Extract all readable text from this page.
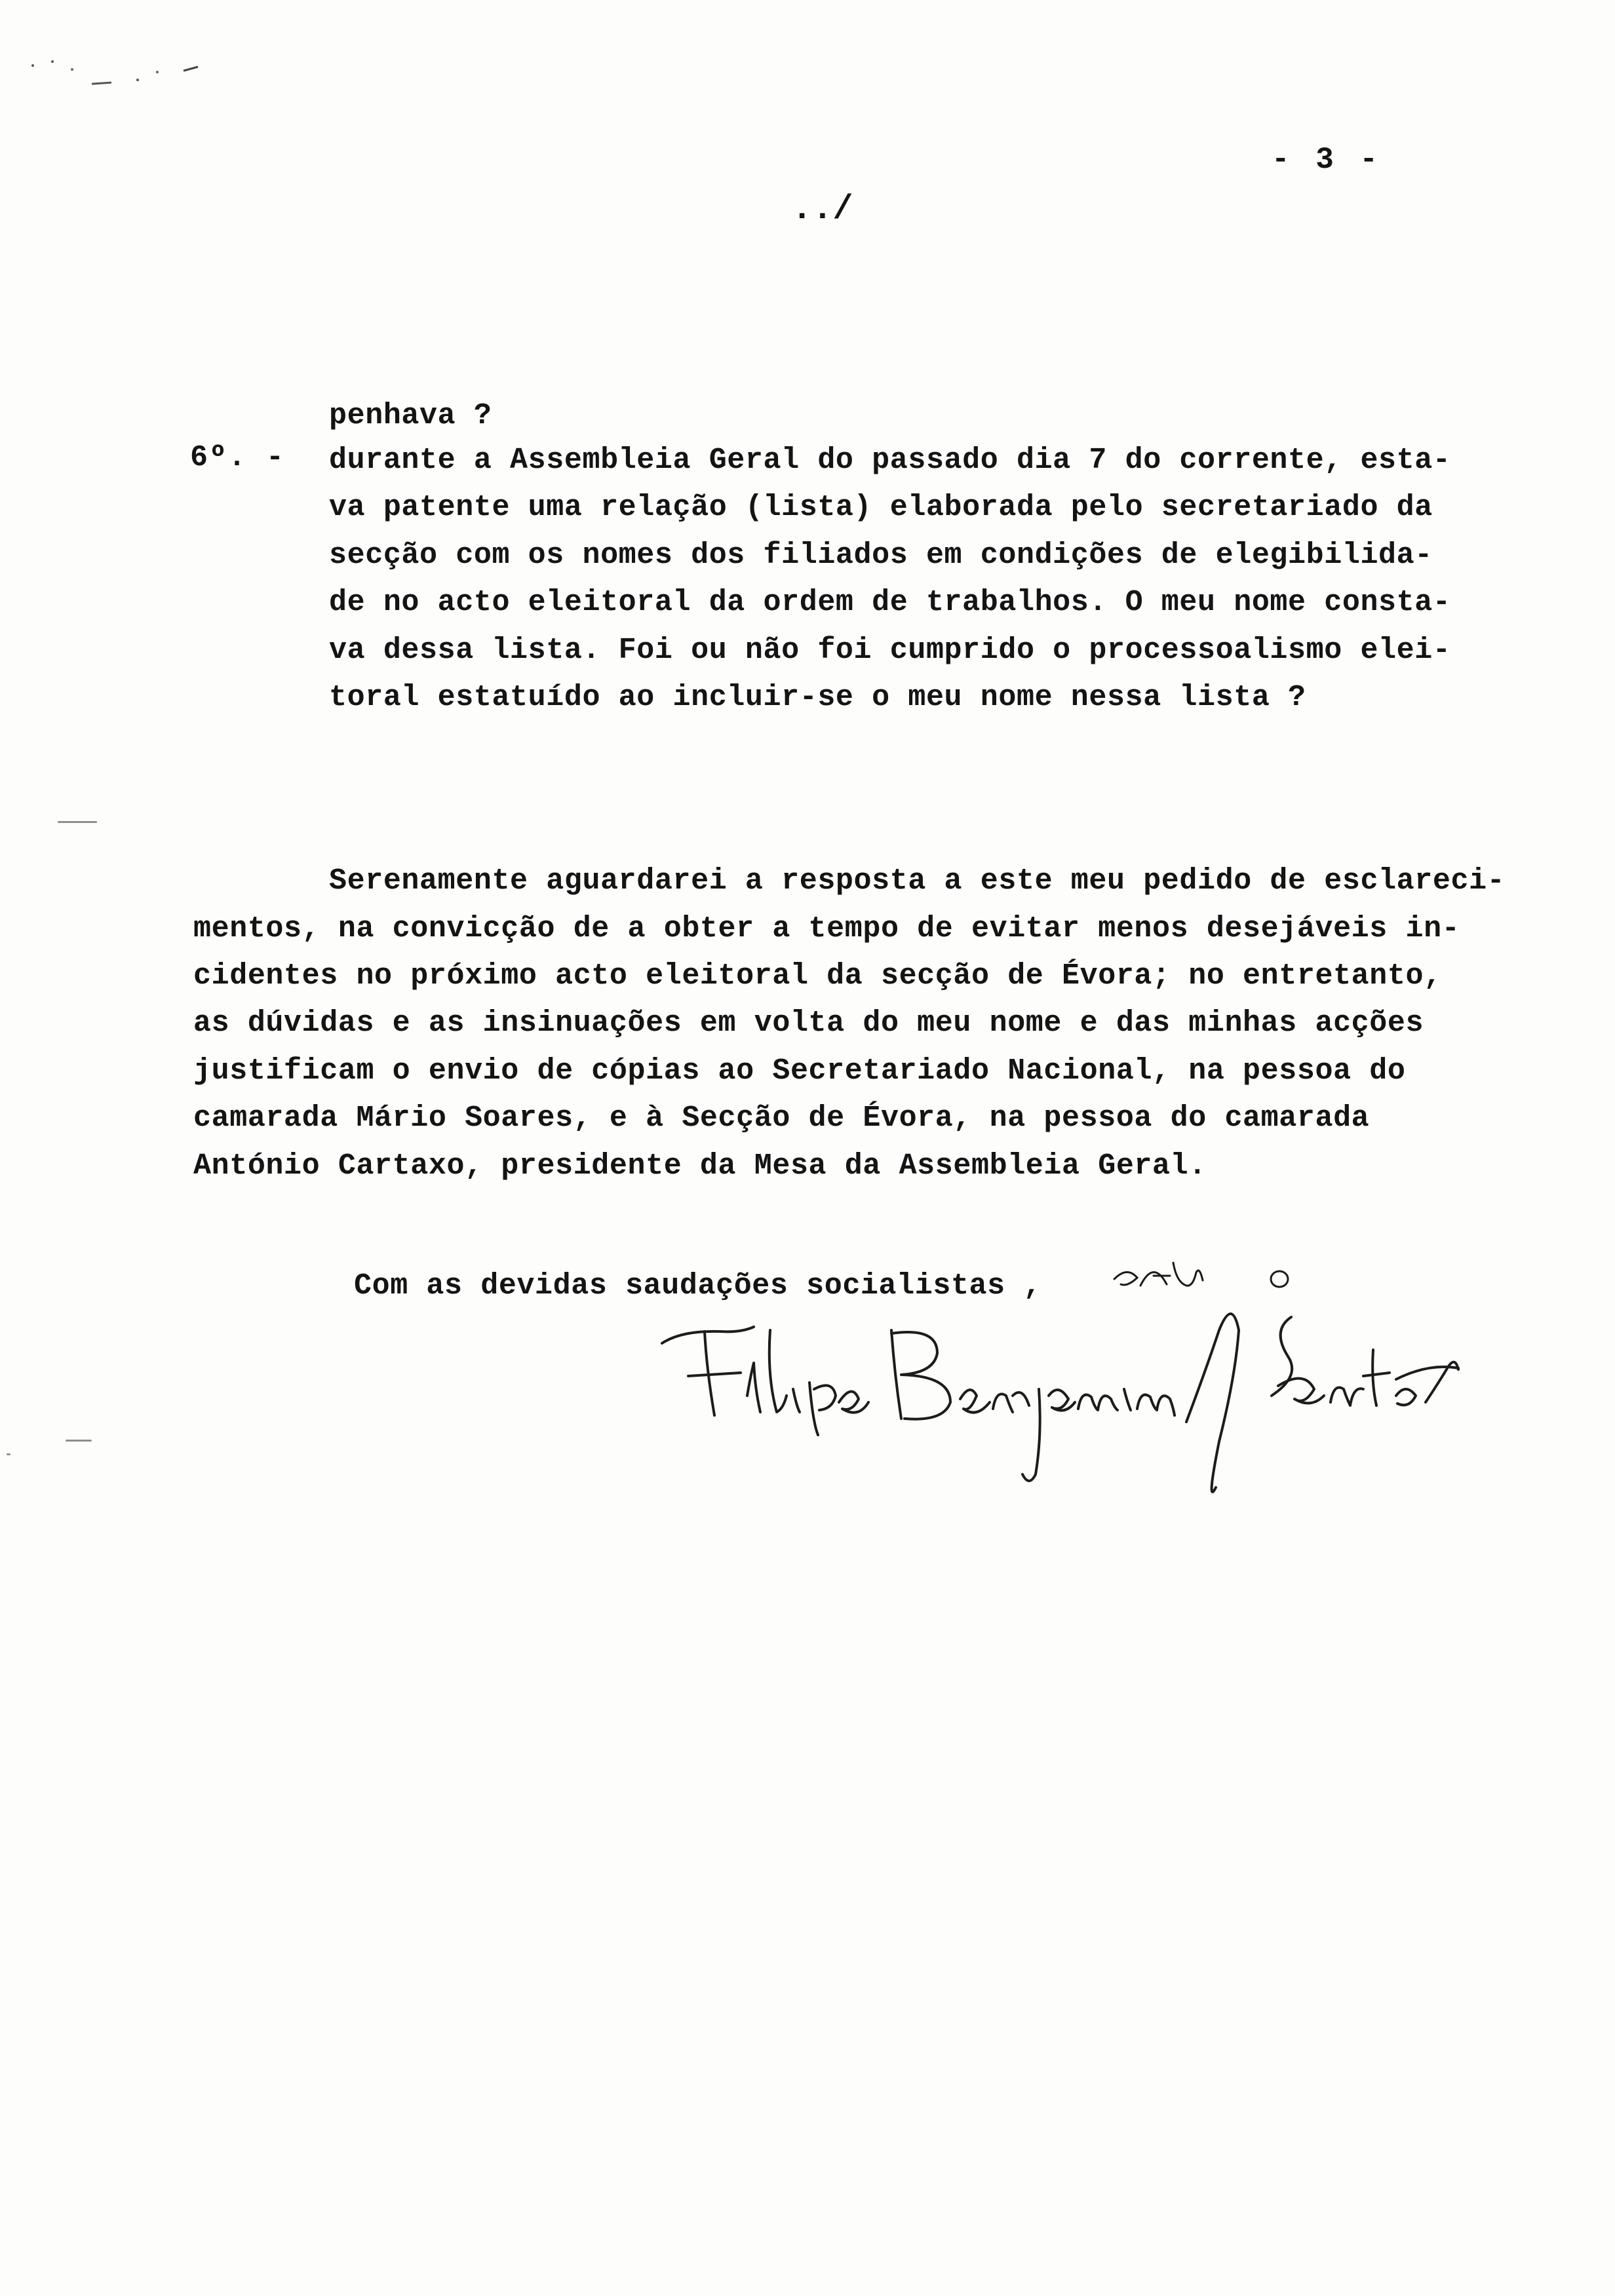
- 3 -
../
penhava ?
6º. - durante a Assembleia Geral do passado dia 7 do corrente, esta-
va patente uma relação (lista) elaborada pelo secretariado da
secção com os nomes dos filiados em condições de elegibilida-
de no acto eleitoral da ordem de trabalhos. O meu nome consta-
va dessa lista. Foi ou não foi cumprido o processoalismo elei-
toral estatuído ao incluir-se o meu nome nessa lista ?
Serenamente aguardarei a resposta a este meu pedido de esclareci-
mentos, na convicção de a obter a tempo de evitar menos desejáveis in-
cidentes no próximo acto eleitoral da secção de Évora; no entretanto,
as dúvidas e as insinuações em volta do meu nome e das minhas acções
justificam o envio de cópias ao Secretariado Nacional, na pessoa do
camarada Mário Soares, e à Secção de Évora, na pessoa do camarada
António Cartaxo, presidente da Mesa da Assembleia Geral.
Com as devidas saudações socialistas ,
